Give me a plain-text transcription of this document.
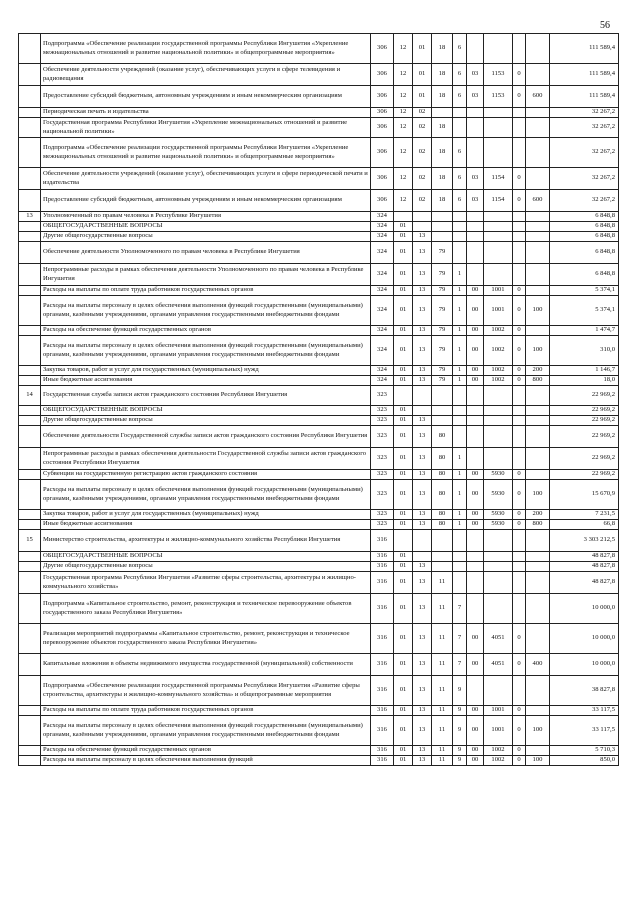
56
	Подпрограмма «Обеспечение реализации государственной программы Республики Ингушетия «Укрепление межнациональных отношений и развитие национальной политики» и общепрограммные мероприятия»	306	12	01	18	6					111 589,4
	Обеспечение деятельности учреждений (оказание услуг), обеспечивающих услуги в сфере телевидения и радиовещания	306	12	01	18	6	03	1153	0		111 589,4
	Предоставление субсидий бюджетным, автономным учреждениям и иным некоммерческим организациям	306	12	01	18	6	03	1153	0	600	111 589,4
	Периодическая печать и издательства	306	12	02							32 267,2
	Государственная программа Республики Ингушетия «Укрепление межнациональных отношений и развитие национальной политики»	306	12	02	18						32 267,2
	Подпрограмма «Обеспечение реализации государственной программы Республики Ингушетия «Укрепление межнациональных отношений и развитие национальной политики» и общепрограммные мероприятия»	306	12	02	18	6					32 267,2
	Обеспечение деятельности учреждений (оказание услуг), обеспечивающих услуги в сфере периодической печати и издательства	306	12	02	18	6	03	1154	0		32 267,2
	Предоставление субсидий бюджетным, автономным учреждениям и иным некоммерческим организациям	306	12	02	18	6	03	1154	0	600	32 267,2
13	Уполномоченный по правам человека в Республике Ингушетия	324									6 848,8
	ОБЩЕГОСУДАРСТВЕННЫЕ ВОПРОСЫ	324	01								6 848,8
	Другие общегосударственные вопросы	324	01	13							6 848,8
	Обеспечение деятельности Уполномоченного по правам человека в Республике Ингушетия	324	01	13	79						6 848,8
	Непрограммные расходы в рамках обеспечения деятельности Уполномоченного по правам человека в Республике Ингушетия	324	01	13	79	1					6 848,8
	Расходы на выплаты по оплате труда работников государственных органов	324	01	13	79	1	00	1001	0		5 374,1
	Расходы на выплаты персоналу в целях обеспечения выполнения функций государственными (муниципальными) органами, казёнными учреждениями, органами управления государственными внебюджетными фондами	324	01	13	79	1	00	1001	0	100	5 374,1
	Расходы на обеспечение функций государственных органов	324	01	13	79	1	00	1002	0		1 474,7
	Расходы на выплаты персоналу в целях обеспечения выполнения функций государственными (муниципальными) органами, казёнными учреждениями, органами управления государственными внебюджетными фондами	324	01	13	79	1	00	1002	0	100	310,0
	Закупка товаров, работ и услуг для государственных (муниципальных) нужд	324	01	13	79	1	00	1002	0	200	1 146,7
	Иные бюджетные ассигнования	324	01	13	79	1	00	1002	0	800	18,0
14	Государственная служба записи актов гражданского состояния Республики Ингушетия	323									22 969,2
	ОБЩЕГОСУДАРСТВЕННЫЕ ВОПРОСЫ	323	01								22 969,2
	Другие общегосударственные вопросы	323	01	13							22 969,2
	Обеспечение деятельности Государственной службы записи актов гражданского состояния Республики Ингушетия	323	01	13	80						22 969,2
	Непрограммные расходы в рамках обеспечения деятельности Государственной службы записи актов гражданского состояния Республики Ингушетия	323	01	13	80	1					22 969,2
	Субвенции на государственную регистрацию актов гражданского состояния	323	01	13	80	1	00	5930	0		22 969,2
	Расходы на выплаты персоналу в целях обеспечения выполнения функций государственными (муниципальными) органами, казёнными учреждениями, органами управления государственными внебюджетными фондами	323	01	13	80	1	00	5930	0	100	15 670,9
	Закупка товаров, работ и услуг для государственных (муниципальных) нужд	323	01	13	80	1	00	5930	0	200	7 231,5
	Иные бюджетные ассигнования	323	01	13	80	1	00	5930	0	800	66,8
15	Министерство строительства, архитектуры и жилищно-коммунального хозяйства Республики Ингушетия	316									3 303 212,5
	ОБЩЕГОСУДАРСТВЕННЫЕ ВОПРОСЫ	316	01								48 827,8
	Другие общегосударственные вопросы	316	01	13							48 827,8
	Государственная программа Республики Ингушетия «Развитие сферы строительства, архитектуры и жилищно-коммунального хозяйства»	316	01	13	11						48 827,8
	Подпрограмма «Капитальное строительство, ремонт, реконструкция и техническое перевооружение объектов государственного заказа Республики Ингушетия»	316	01	13	11	7					10 000,0
	Реализация мероприятий подпрограммы «Капитальное строительство, ремонт, реконструкция и техническое перевооружение объектов государственного заказа Республики Ингушетия»	316	01	13	11	7	00	4051	0		10 000,0
	Капитальные вложения в объекты недвижимого имущества государственной (муниципальной) собственности	316	01	13	11	7	00	4051	0	400	10 000,0
	Подпрограмма «Обеспечение реализации государственной программы Республики Ингушетия «Развитие сферы строительства, архитектуры и жилищно-коммунального хозяйства» и общепрограммные мероприятия	316	01	13	11	9					38 827,8
	Расходы на выплаты по оплате труда работников государственных органов	316	01	13	11	9	00	1001	0		33 117,5
	Расходы на выплаты персоналу в целях обеспечения выполнения функций государственными (муниципальными) органами, казёнными учреждениями, органами управления государственными внебюджетными фондами	316	01	13	11	9	00	1001	0	100	33 117,5
	Расходы на обеспечение функций государственных органов	316	01	13	11	9	00	1002	0		5 710,3
	Расходы на выплаты персоналу в целях обеспечения выполнения функций	316	01	13	11	9	00	1002	0	100	850,0
